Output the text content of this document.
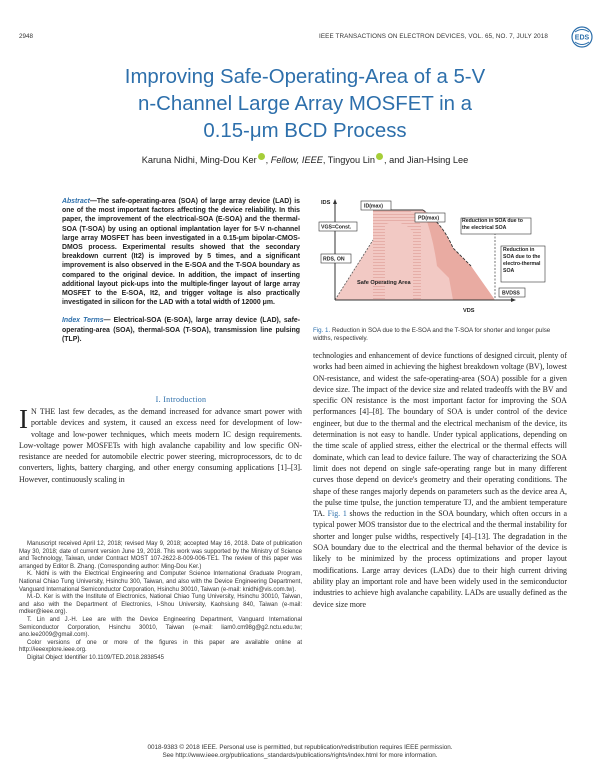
2948	IEEE TRANSACTIONS ON ELECTRON DEVICES, VOL. 65, NO. 7, JULY 2018	EDS
Improving Safe-Operating-Area of a 5-V
n-Channel Large Array MOSFET in a
0.15-μm BCD Process
Karuna Nidhi, Ming-Dou Ker , Fellow, IEEE, Tingyou Lin , and Jian-Hsing Lee
Abstract—The safe-operating-area (SOA) of large array device (LAD) is one of the most important factors affecting the device reliability. In this paper, the improvement of the electrical-SOA (E-SOA) and the thermal-SOA (T-SOA) by using an optional implantation layer for 5-V n-channel large array MOSFET has been investigated in a 0.15-μm bipolar-CMOS-DMOS process. Experimental results showed that the secondary breakdown current (It2) is improved by 5 times, and a significant improvement is also observed in the E-SOA and the T-SOA boundary as compared to the original device. In addition, the impact of inserting additional layout pick-ups into the multiple-finger layout of large array MOSFET to the E-SOA, It2, and trigger voltage is also practically investigated in silicon for the LAD with a total width of 12000 μm.
Index Terms— Electrical-SOA (E-SOA), large array device (LAD), safe-operating-area (SOA), thermal-SOA (T-SOA), transmission line pulsing (TLP).
IDS
ID(max)
PD(max)
VGS=Const.
RDS, ON
Safe Operating Area
Reduction in SOA due to the electrical SOA
Reduction in SOA due to the electro-thermal SOA
BVDSS
VDS
Fig. 1. Reduction in SOA due to the E-SOA and the T-SOA for shorter and longer pulse widths, respectively.
I. Introduction
I N THE last few decades, as the demand increased for advance smart power with portable devices and system, it caused an excess need for development of low-voltage and low-power techniques, which meets modern IC design requirements. Low-voltage power MOSFETs with high avalanche capability and low specific ON-resistance are needed for automobile electric power steering, microprocessors, dc to dc converters, lights, battery charging, and other energy consuming applications [1]–[3]. However, continuously scaling in

Manuscript received April 12, 2018; revised May 9, 2018; accepted May 16, 2018. Date of publication May 30, 2018; date of current version June 19, 2018. This work was supported by the Ministry of Science and Technology, Taiwan, under Contract MOST 107-2622-8-009-006-TE1. The review of this paper was arranged by Editor B. Zhang. (Corresponding author: Ming-Dou Ker.)

K. Nidhi is with the Electrical Engineering and Computer Science International Graduate Program, National Chiao Tung University, Hsinchu 300, Taiwan, and also with the Device Engineering Department, Vanguard International Semiconductor Corporation, Hsinchu 30010, Taiwan (e-mail: knidhi@vis.com.tw).

M.-D. Ker is with the Institute of Electronics, National Chiao Tung University, Hsinchu 30010, Taiwan, and also with the Department of Electronics, I-Shou University, Kaohsiung 840, Taiwan (e-mail: mdker@ieee.org).

T. Lin and J.-H. Lee are with the Device Engineering Department, Vanguard International Semiconductor Corporation, Hsinchu 30010, Taiwan (e-mail: liam0.cm98g@g2.nctu.edu.tw; ano.lee2009@gmail.com).

Color versions of one or more of the figures in this paper are available online at http://ieeexplore.ieee.org.

Digital Object Identifier 10.1109/TED.2018.2838545

technologies and enhancement of device functions of designed circuit, plenty of works had been aimed in achieving the highest breakdown voltage (BV), lowest ON-resistance, and widest the safe-operating-area (SOA) possible for a given device size. The impact of the device size and related tradeoffs with the BV and specific ON resistance is the most important factor for improving the SOA performances [4]–[8]. The boundary of SOA is under control of the device engineer, but due to the thermal and the electrical mechanism of the device, its determination is not easy to handle. Under typical applications, depending on the time scale of applied stress, either the electrical or the thermal effects will dominate, which can lead to device failure. The way of characterizing the SOA limit does not depend on single safe-operating range but in many different curves those depend on device's geometry and their operating conditions. The shape of these ranges majorly depends on parameters such as the device area A, the pulse time tpulse, the junction temperature TJ, and the ambient temperature TA. Fig. 1 shows the reduction in the SOA boundary, which often occurs in a typical power MOS transistor due to the electrical and the thermal instability for shorter and longer pulse widths, respectively [4]–[13]. The degradation in the SOA boundary due to the electrical and the thermal behavior of the device is likely to be minimized by the process optimizations and proper layout modifications. Large array devices (LADs) due to their high current driving ability play an important role and have been widely used in the semiconductor industries to achieve high avalanche capability. LADs are usually defined as the device size more
0018-9383 © 2018 IEEE. Personal use is permitted, but republication/redistribution requires IEEE permission.
See http://www.ieee.org/publications_standards/publications/rights/index.html for more information.
